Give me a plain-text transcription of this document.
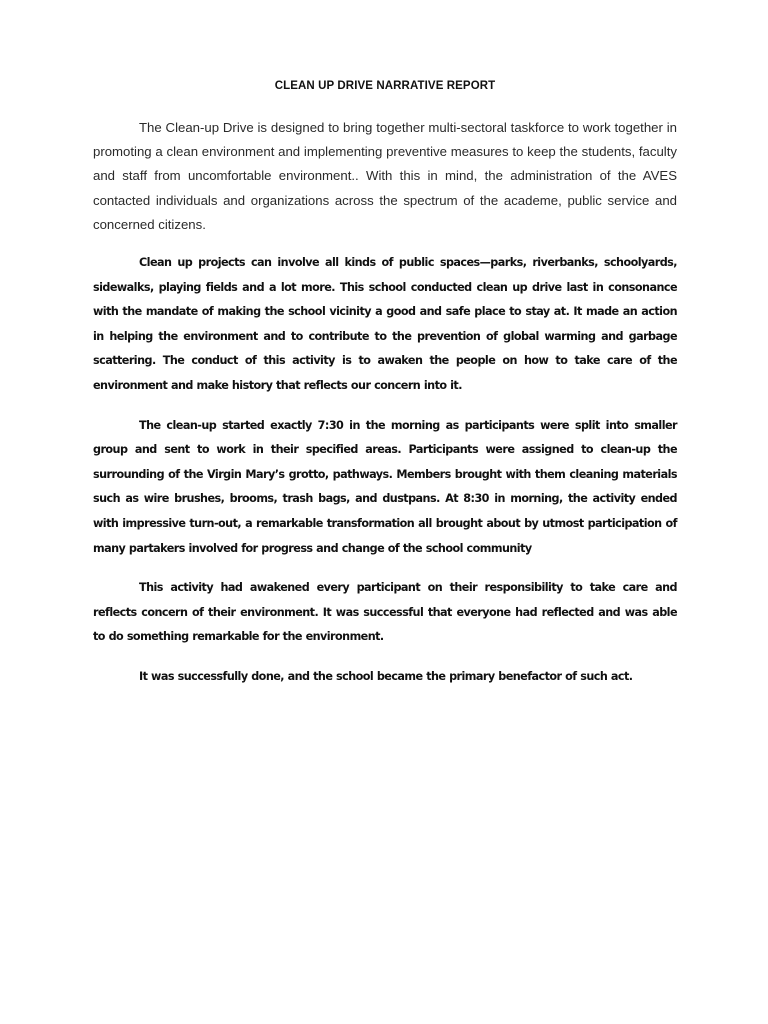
CLEAN UP DRIVE NARRATIVE REPORT

The Clean-up Drive is designed to bring together multi-sectoral taskforce to work together in promoting a clean environment and implementing preventive measures to keep the students, faculty and staff from uncomfortable environment.. With this in mind, the administration of the AVES contacted individuals and organizations across the spectrum of the academe, public service and concerned citizens.

Clean up projects can involve all kinds of public spaces—parks, riverbanks, schoolyards, sidewalks, playing fields and a lot more. This school conducted clean up drive last in consonance with the mandate of making the school vicinity a good and safe place to stay at. It made an action in helping the environment and to contribute to the prevention of global warming and garbage scattering. The conduct of this activity is to awaken the people on how to take care of the environment and make history that reflects our concern into it.

The clean-up started exactly 7:30 in the morning as participants were split into smaller group and sent to work in their specified areas. Participants were assigned to clean-up the surrounding of the Virgin Mary’s grotto, pathways. Members brought with them cleaning materials such as wire brushes, brooms, trash bags, and dustpans. At 8:30 in morning, the activity ended with impressive turn-out, a remarkable transformation all brought about by utmost participation of many partakers involved for progress and change of the school community

This activity had awakened every participant on their responsibility to take care and reflects concern of their environment. It was successful that everyone had reflected and was able to do something remarkable for the environment.

It was successfully done, and the school became the primary benefactor of such act.
